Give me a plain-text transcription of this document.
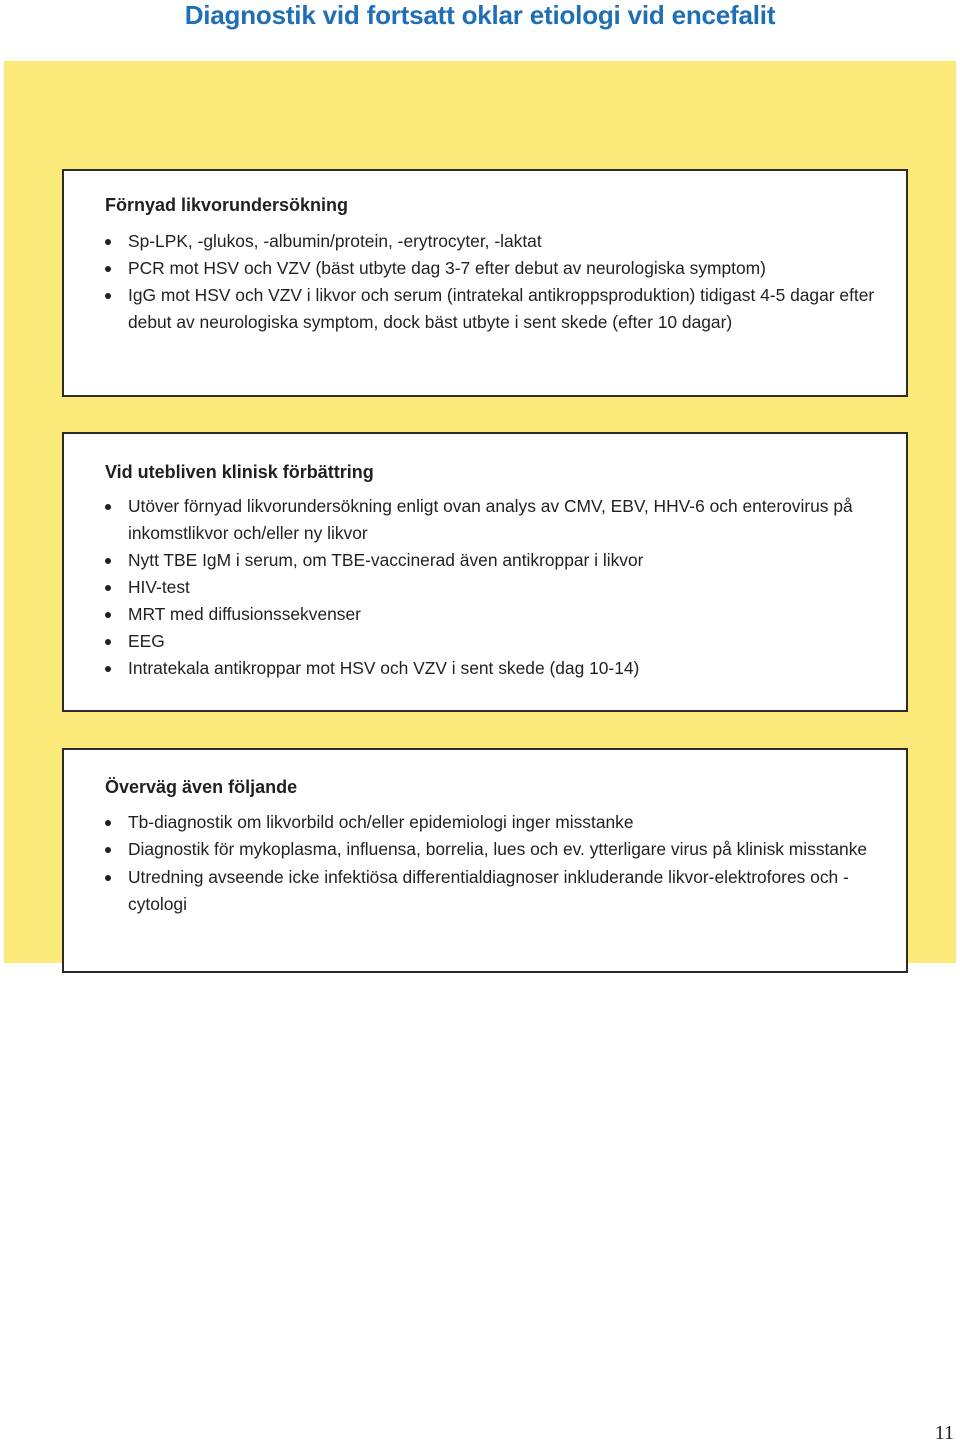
Diagnostik vid fortsatt oklar etiologi vid encefalit
Förnyad likvorundersökning
Sp-LPK, -glukos, -albumin/protein, -erytrocyter, -laktat
PCR mot HSV och VZV (bäst utbyte dag 3-7 efter debut av neurologiska symptom)
IgG mot HSV och VZV i likvor och serum (intratekal antikroppsproduktion) tidigast 4-5 dagar efter debut av neurologiska symptom, dock bäst utbyte i sent skede (efter 10 dagar)
Vid utebliven klinisk förbättring
Utöver förnyad likvorundersökning enligt ovan analys av CMV, EBV, HHV-6 och enterovirus på inkomstlikvor och/eller ny likvor
Nytt TBE IgM i serum, om TBE-vaccinerad även antikroppar i likvor
HIV-test
MRT med diffusionssekvenser
EEG
Intratekala antikroppar mot HSV och VZV i sent skede (dag 10-14)
Överväg även följande
Tb-diagnostik om likvorbild och/eller epidemiologi inger misstanke
Diagnostik för mykoplasma, influensa, borrelia, lues och ev. ytterligare virus på klinisk misstanke
Utredning avseende icke infektiösa differentialdiagnoser inkluderande likvor-elektrofores och -cytologi
11
